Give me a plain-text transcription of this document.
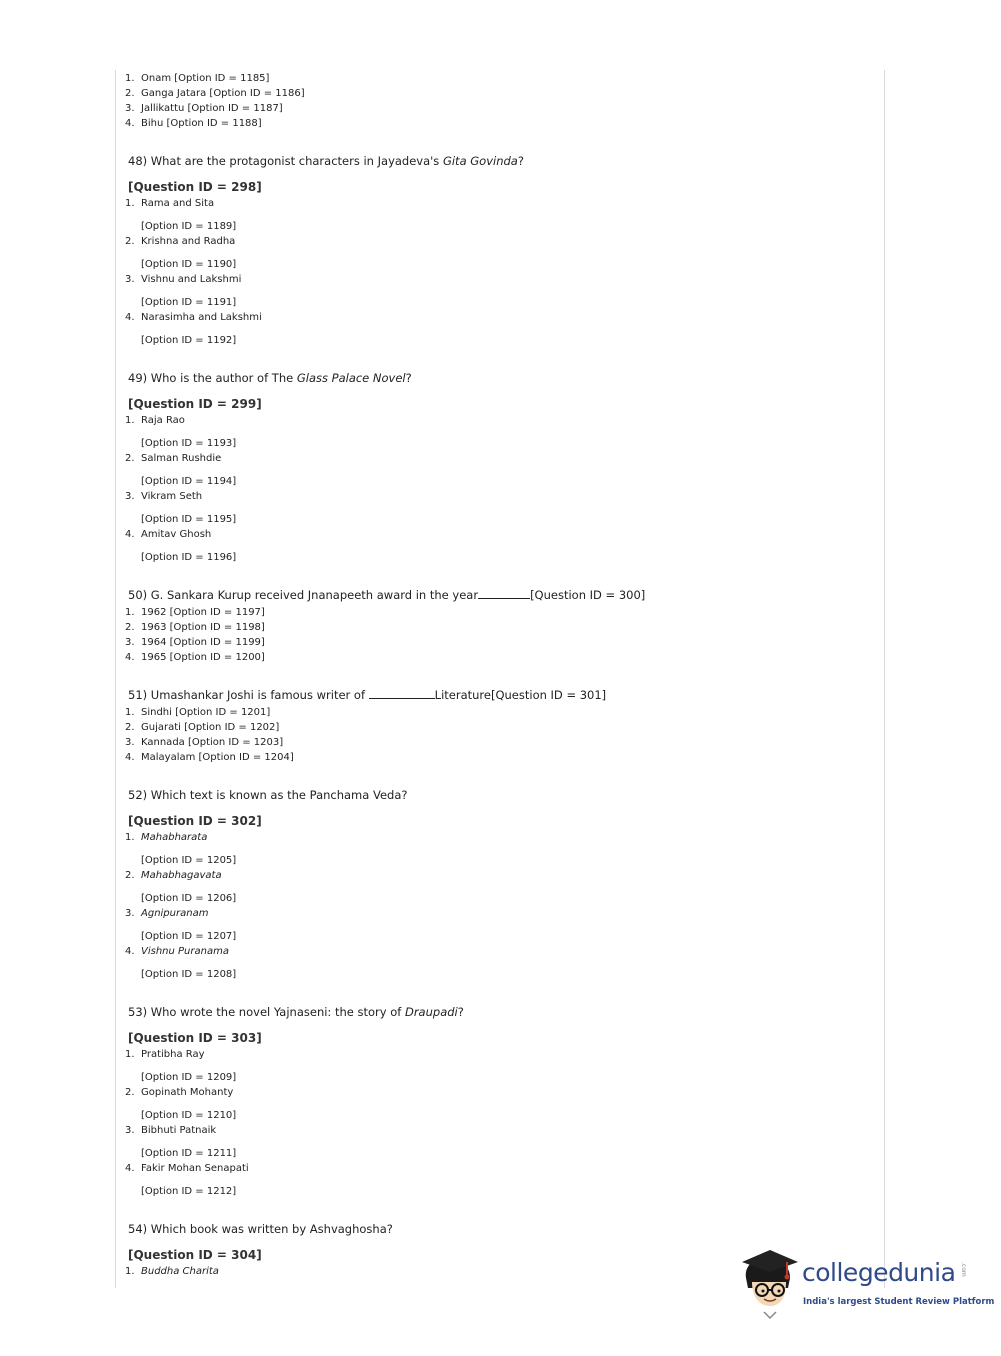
1. Onam [Option ID = 1185]
2. Ganga Jatara [Option ID = 1186]
3. Jallikattu [Option ID = 1187]
4. Bihu [Option ID = 1188]
48) What are the protagonist characters in Jayadeva's Gita Govinda?
[Question ID = 298]
1. Rama and Sita
[Option ID = 1189]
2. Krishna and Radha
[Option ID = 1190]
3. Vishnu and Lakshmi
[Option ID = 1191]
4. Narasimha and Lakshmi
[Option ID = 1192]
49) Who is the author of The Glass Palace Novel?
[Question ID = 299]
1. Raja Rao
[Option ID = 1193]
2. Salman Rushdie
[Option ID = 1194]
3. Vikram Seth
[Option ID = 1195]
4. Amitav Ghosh
[Option ID = 1196]
50) G. Sankara Kurup received Jnanapeeth award in the year	[Question ID = 300]
1. 1962 [Option ID = 1197]
2. 1963 [Option ID = 1198]
3. 1964 [Option ID = 1199]
4. 1965 [Option ID = 1200]
51) Umashankar Joshi is famous writer of	Literature[Question ID = 301]
1. Sindhi [Option ID = 1201]
2. Gujarati [Option ID = 1202]
3. Kannada [Option ID = 1203]
4. Malayalam [Option ID = 1204]
52) Which text is known as the Panchama Veda?
[Question ID = 302]
1. Mahabharata
[Option ID = 1205]
2. Mahabhagavata
[Option ID = 1206]
3. Agnipuranam
[Option ID = 1207]
4. Vishnu Puranama
[Option ID = 1208]
53) Who wrote the novel Yajnaseni: the story of Draupadi?
[Question ID = 303]
1. Pratibha Ray
[Option ID = 1209]
2. Gopinath Mohanty
[Option ID = 1210]
3. Bibhuti Patnaik
[Option ID = 1211]
4. Fakir Mohan Senapati
[Option ID = 1212]
54) Which book was written by Ashvaghosha?
[Question ID = 304]
1. Buddha Charita	collegedunia .com
India's largest Student Review Platform
